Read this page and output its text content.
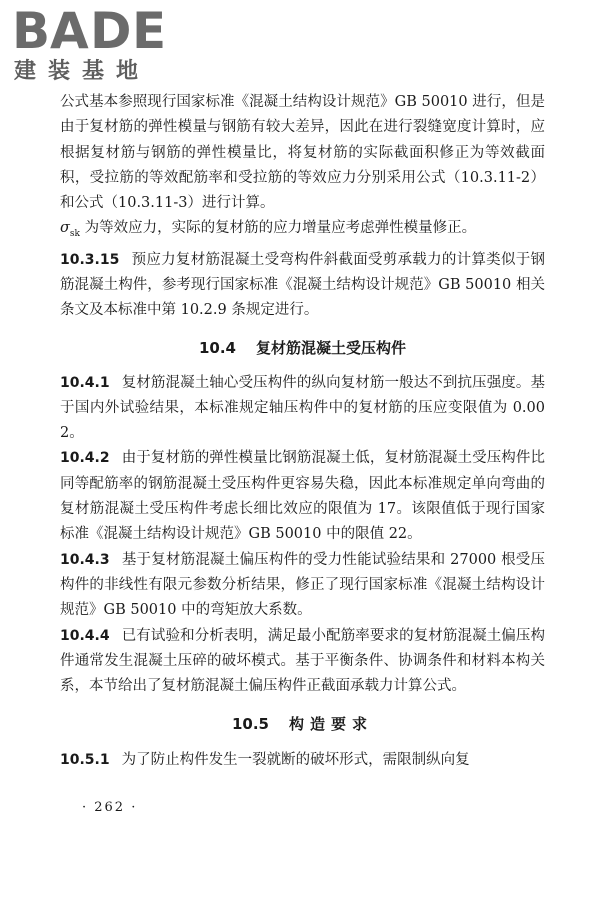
B A D E
建装基地

公式基本参照现行国家标准《混凝土结构设计规范》GB 50010 进行，但是由于复材筋的弹性模量与钢筋有较大差异，因此在进行裂缝宽度计算时，应根据复材筋与钢筋的弹性模量比，将复材筋的实际截面积修正为等效截面积，受拉筋的等效配筋率和受拉筋的等效应力分别采用公式（10.3.11-2）和公式（10.3.11-3）进行计算。

$\sigma_{sk}$ 为等效应力，实际的复材筋的应力增量应考虑弹性模量修正。

10.3.15 预应力复材筋混凝土受弯构件斜截面受剪承载力的计算类似于钢筋混凝土构件，参考现行国家标准《混凝土结构设计规范》GB 50010 相关条文及本标准中第 10.2.9 条规定进行。

10.4 复材筋混凝土受压构件

10.4.1 复材筋混凝土轴心受压构件的纵向复材筋一般达不到抗压强度。基于国内外试验结果，本标准规定轴压构件中的复材筋的压应变限值为 0.002。

10.4.2 由于复材筋的弹性模量比钢筋混凝土低，复材筋混凝土受压构件比同等配筋率的钢筋混凝土受压构件更容易失稳，因此本标准规定单向弯曲的复材筋混凝土受压构件考虑长细比效应的限值为 17。该限值低于现行国家标准《混凝土结构设计规范》GB 50010 中的限值 22。

10.4.3 基于复材筋混凝土偏压构件的受力性能试验结果和 27000 根受压构件的非线性有限元参数分析结果，修正了现行国家标准《混凝土结构设计规范》GB 50010 中的弯矩放大系数。

10.4.4 已有试验和分析表明，满足最小配筋率要求的复材筋混凝土偏压构件通常发生混凝土压碎的破坏模式。基于平衡条件、协调条件和材料本构关系，本节给出了复材筋混凝土偏压构件正截面承载力计算公式。

10.5 构造要求

10.5.1 为了防止构件发生一裂就断的破坏形式，需限制纵向复

· 262 ·
